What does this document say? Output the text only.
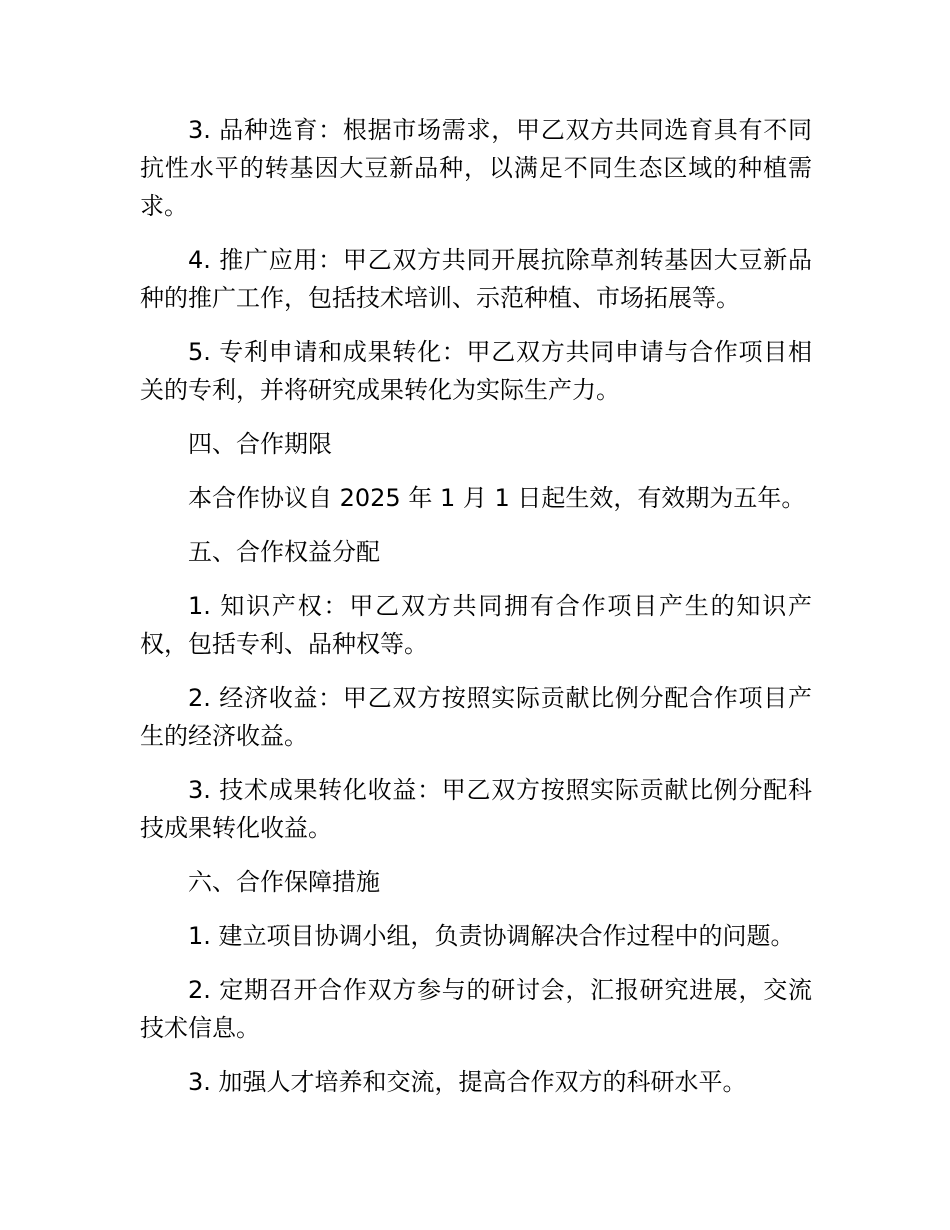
3. 品种选育：根据市场需求，甲乙双方共同选育具有不同抗性水平的转基因大豆新品种，以满足不同生态区域的种植需求。

4. 推广应用：甲乙双方共同开展抗除草剂转基因大豆新品种的推广工作，包括技术培训、示范种植、市场拓展等。

5. 专利申请和成果转化：甲乙双方共同申请与合作项目相关的专利，并将研究成果转化为实际生产力。

四、合作期限

本合作协议自 2025 年 1 月 1 日起生效，有效期为五年。

五、合作权益分配

1. 知识产权：甲乙双方共同拥有合作项目产生的知识产权，包括专利、品种权等。

2. 经济收益：甲乙双方按照实际贡献比例分配合作项目产生的经济收益。

3. 技术成果转化收益：甲乙双方按照实际贡献比例分配科技成果转化收益。

六、合作保障措施

1. 建立项目协调小组，负责协调解决合作过程中的问题。

2. 定期召开合作双方参与的研讨会，汇报研究进展，交流技术信息。

3. 加强人才培养和交流，提高合作双方的科研水平。
